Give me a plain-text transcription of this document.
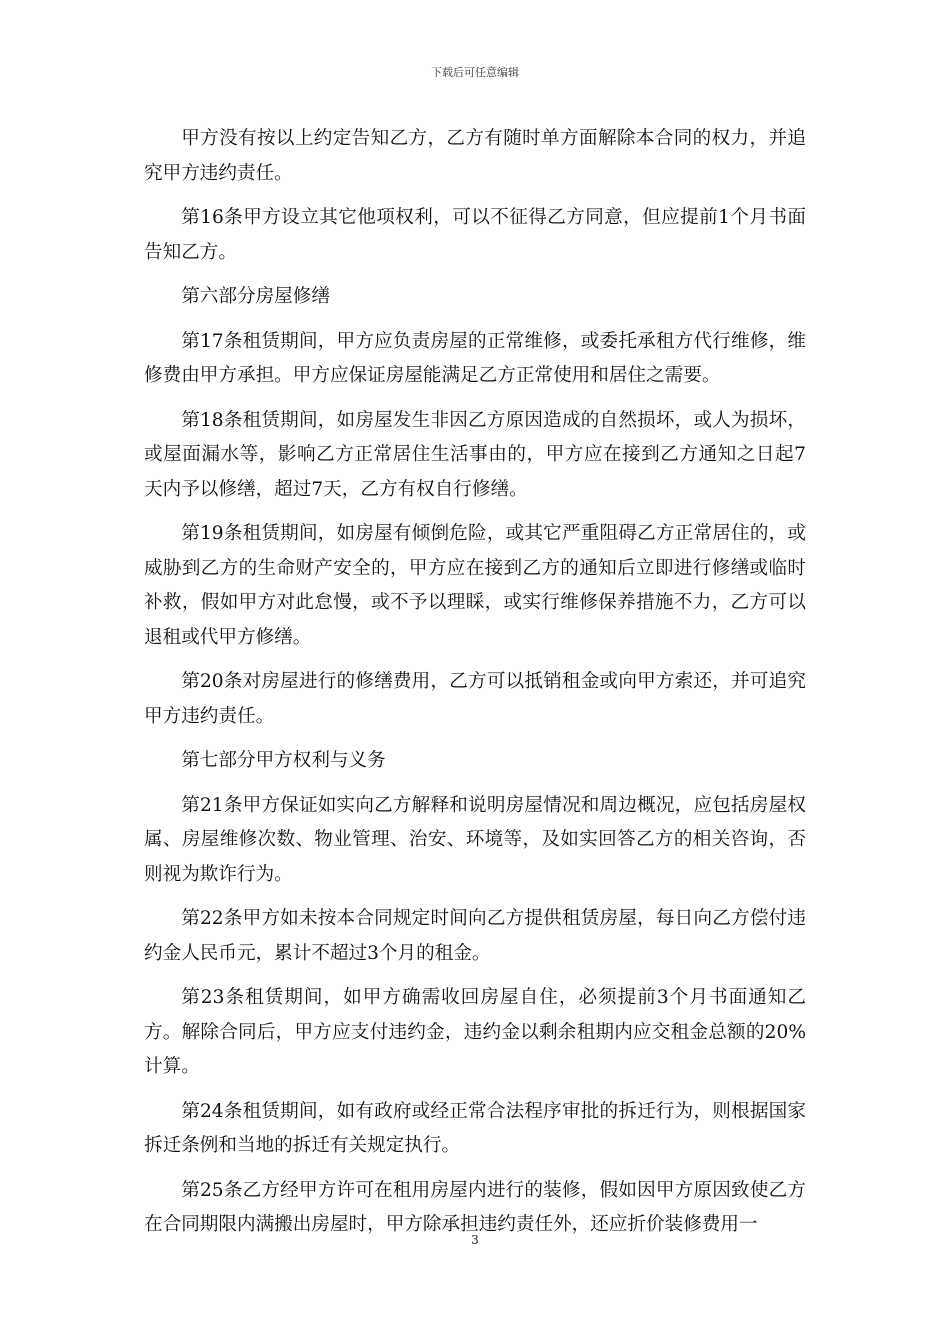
下载后可任意编辑

甲方没有按以上约定告知乙方，乙方有随时单方面解除本合同的权力，并追究甲方违约责任。

第16条甲方设立其它他项权利，可以不征得乙方同意，但应提前1个月书面告知乙方。

第六部分房屋修缮

第17条租赁期间，甲方应负责房屋的正常维修，或委托承租方代行维修，维修费由甲方承担。甲方应保证房屋能满足乙方正常使用和居住之需要。

第18条租赁期间，如房屋发生非因乙方原因造成的自然损坏，或人为损坏，或屋面漏水等，影响乙方正常居住生活事由的，甲方应在接到乙方通知之日起7天内予以修缮，超过7天，乙方有权自行修缮。

第19条租赁期间，如房屋有倾倒危险，或其它严重阻碍乙方正常居住的，或威胁到乙方的生命财产安全的，甲方应在接到乙方的通知后立即进行修缮或临时补救，假如甲方对此怠慢，或不予以理睬，或实行维修保养措施不力，乙方可以退租或代甲方修缮。

第20条对房屋进行的修缮费用，乙方可以抵销租金或向甲方索还，并可追究甲方违约责任。

第七部分甲方权利与义务

第21条甲方保证如实向乙方解释和说明房屋情况和周边概况，应包括房屋权属、房屋维修次数、物业管理、治安、环境等，及如实回答乙方的相关咨询，否则视为欺诈行为。

第22条甲方如未按本合同规定时间向乙方提供租赁房屋，每日向乙方偿付违约金人民币元，累计不超过3个月的租金。

第23条租赁期间，如甲方确需收回房屋自住，必须提前3个月书面通知乙方。解除合同后，甲方应支付违约金，违约金以剩余租期内应交租金总额的20%计算。

第24条租赁期间，如有政府或经正常合法程序审批的拆迁行为，则根据国家拆迁条例和当地的拆迁有关规定执行。

第25条乙方经甲方许可在租用房屋内进行的装修，假如因甲方原因致使乙方在合同期限内满搬出房屋时，甲方除承担违约责任外，还应折价装修费用一

3
